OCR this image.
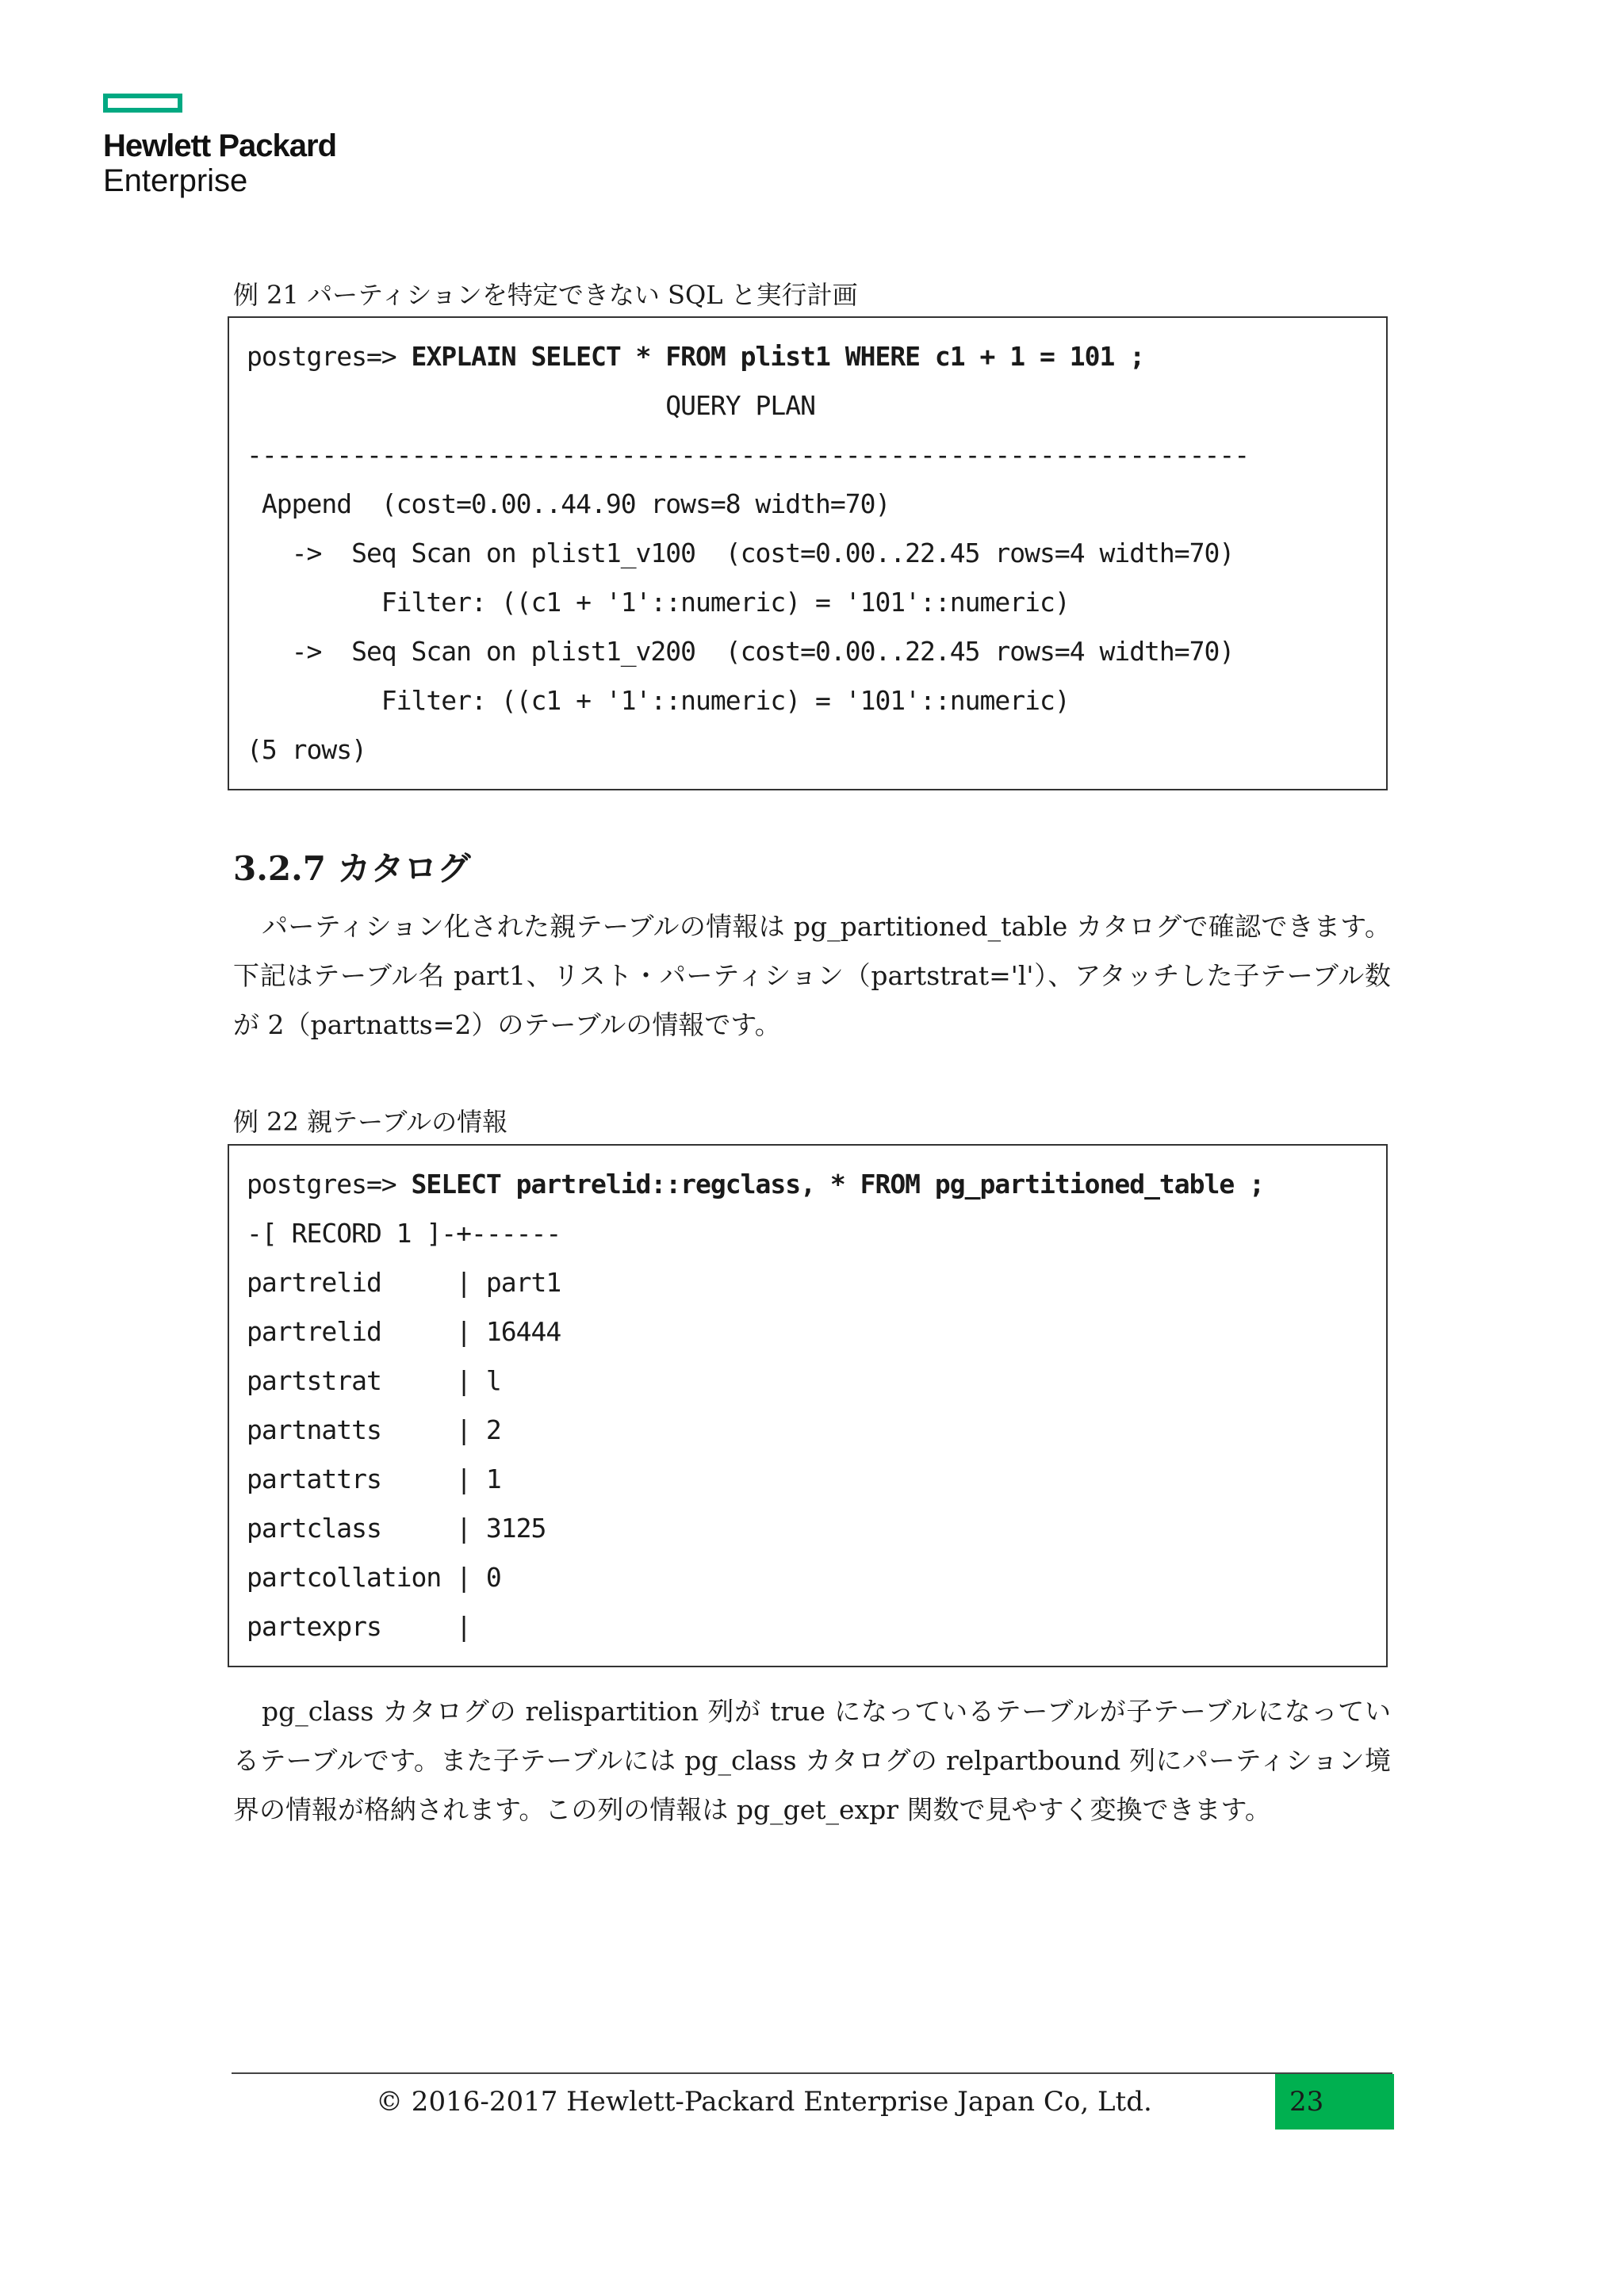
Hewlett Packard
Enterprise
例 21 パーティションを特定できない SQL と実行計画
postgres=> EXPLAIN SELECT * FROM plist1 WHERE c1 + 1 = 101 ;
QUERY PLAN
-------------------------------------------------------------------
Append  (cost=0.00..44.90 rows=8 width=70)
->  Seq Scan on plist1_v100  (cost=0.00..22.45 rows=4 width=70)
Filter: ((c1 + '1'::numeric) = '101'::numeric)
->  Seq Scan on plist1_v200  (cost=0.00..22.45 rows=4 width=70)
Filter: ((c1 + '1'::numeric) = '101'::numeric)
(5 rows)
3.2.7 カタログ

パーティション化された親テーブルの情報は pg_partitioned_table カタログで確認できます。下記はテーブル名 part1、リスト・パーティション（partstrat='l'）、アタッチした子テーブル数が 2（partnatts=2）のテーブルの情報です。

例 22 親テーブルの情報
postgres=> SELECT partrelid::regclass, * FROM pg_partitioned_table ;
-[ RECORD 1 ]-+------
partrelid     | part1
partrelid     | 16444
partstrat     | l
partnatts     | 2
partattrs     | 1
partclass     | 3125
partcollation | 0
partexprs     |

pg_class カタログの relispartition 列が true になっているテーブルが子テーブルになっているテーブルです。また子テーブルには pg_class カタログの relpartbound 列にパーティション境界の情報が格納されます。この列の情報は pg_get_expr 関数で見やすく変換できます。

© 2016-2017 Hewlett-Packard Enterprise Japan Co, Ltd.	23
